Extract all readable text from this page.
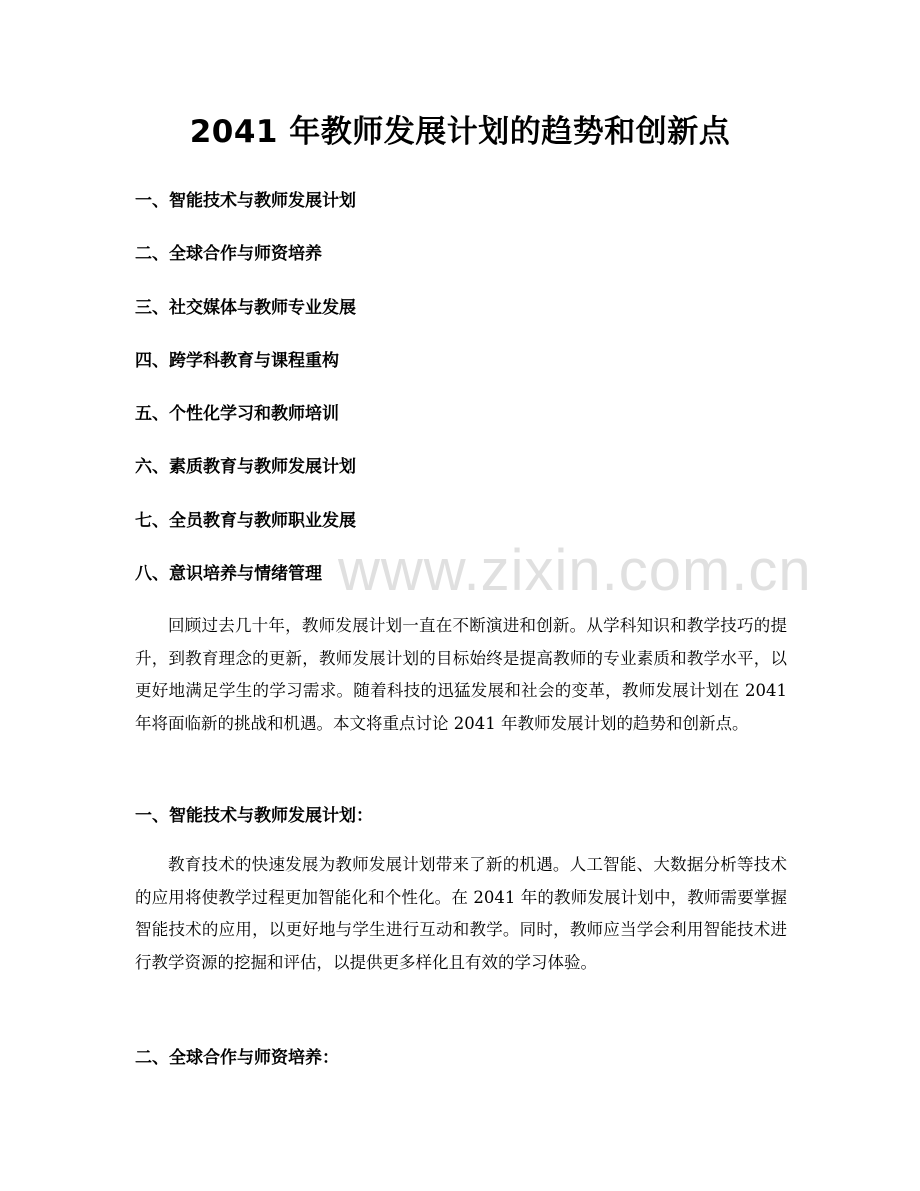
2041 年教师发展计划的趋势和创新点
一、智能技术与教师发展计划
二、全球合作与师资培养
三、社交媒体与教师专业发展
四、跨学科教育与课程重构
五、个性化学习和教师培训
六、素质教育与教师发展计划
七、全员教育与教师职业发展
八、意识培养与情绪管理 www.zixin.com.cn

回顾过去几十年，教师发展计划一直在不断演进和创新。从学科知识和教学技巧的提升，到教育理念的更新，教师发展计划的目标始终是提高教师的专业素质和教学水平，以更好地满足学生的学习需求。随着科技的迅猛发展和社会的变革，教师发展计划在 2041 年将面临新的挑战和机遇。本文将重点讨论 2041 年教师发展计划的趋势和创新点。

一、智能技术与教师发展计划：

教育技术的快速发展为教师发展计划带来了新的机遇。人工智能、大数据分析等技术的应用将使教学过程更加智能化和个性化。在 2041 年的教师发展计划中，教师需要掌握智能技术的应用，以更好地与学生进行互动和教学。同时，教师应当学会利用智能技术进行教学资源的挖掘和评估，以提供更多样化且有效的学习体验。

二、全球合作与师资培养：
